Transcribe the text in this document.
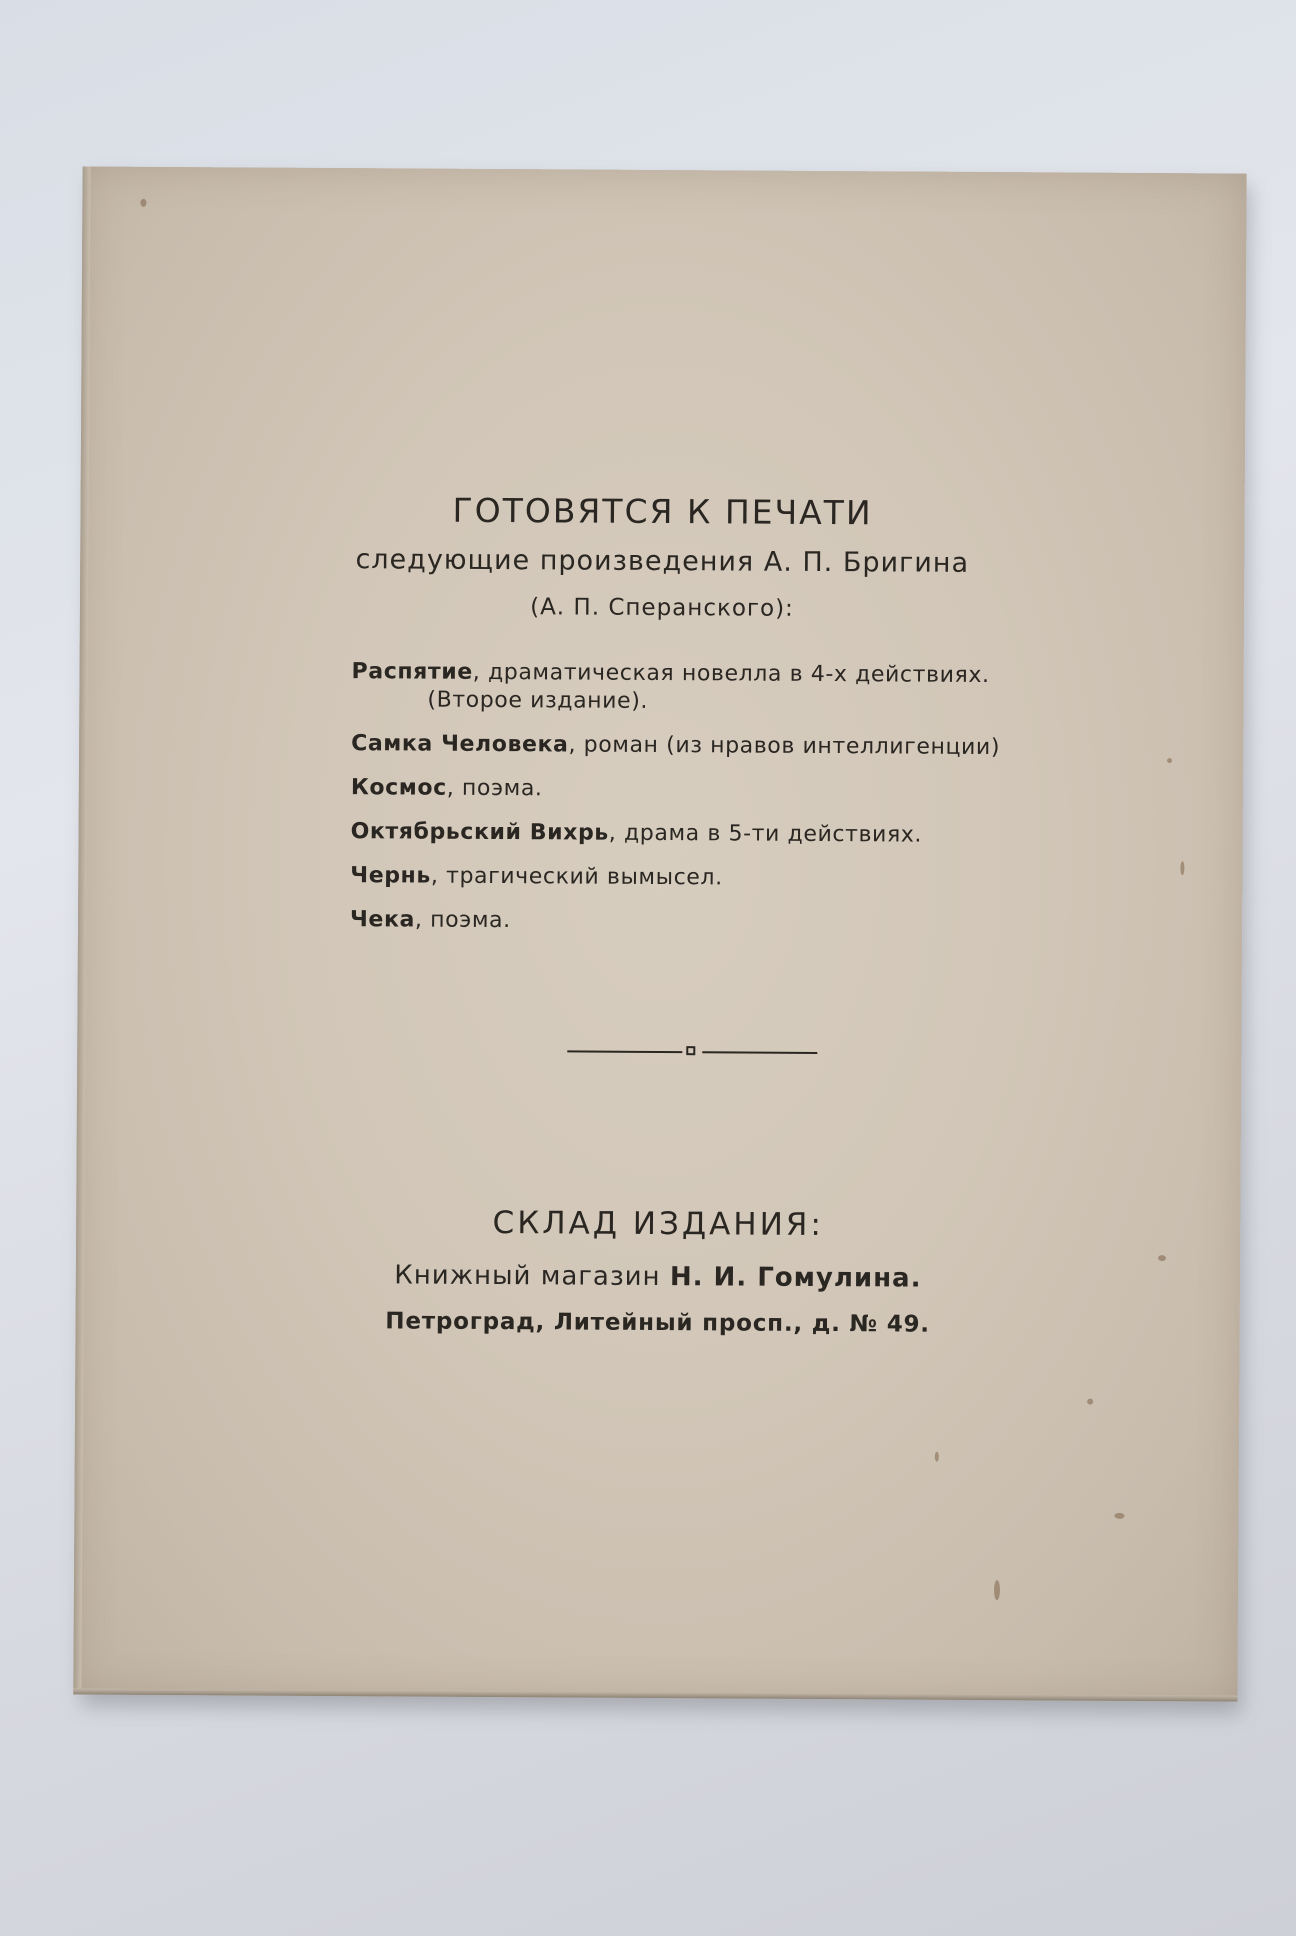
ГОТОВЯТСЯ К ПЕЧАТИ
следующие произведения А. П. Бригина
(А. П. Сперанского):
Распятие, драматическая новелла в 4-х действиях.
(Второе издание).
Самка Человека, роман (из нравов интеллигенции)
Космос, поэма.
Октябрьский Вихрь, драма в 5-ти действиях.
Чернь, трагический вымысел.
Чека, поэма.
СКЛАД ИЗДАНИЯ:
Книжный магазин Н. И. Гомулина.
Петроград, Литейный просп., д. № 49.
